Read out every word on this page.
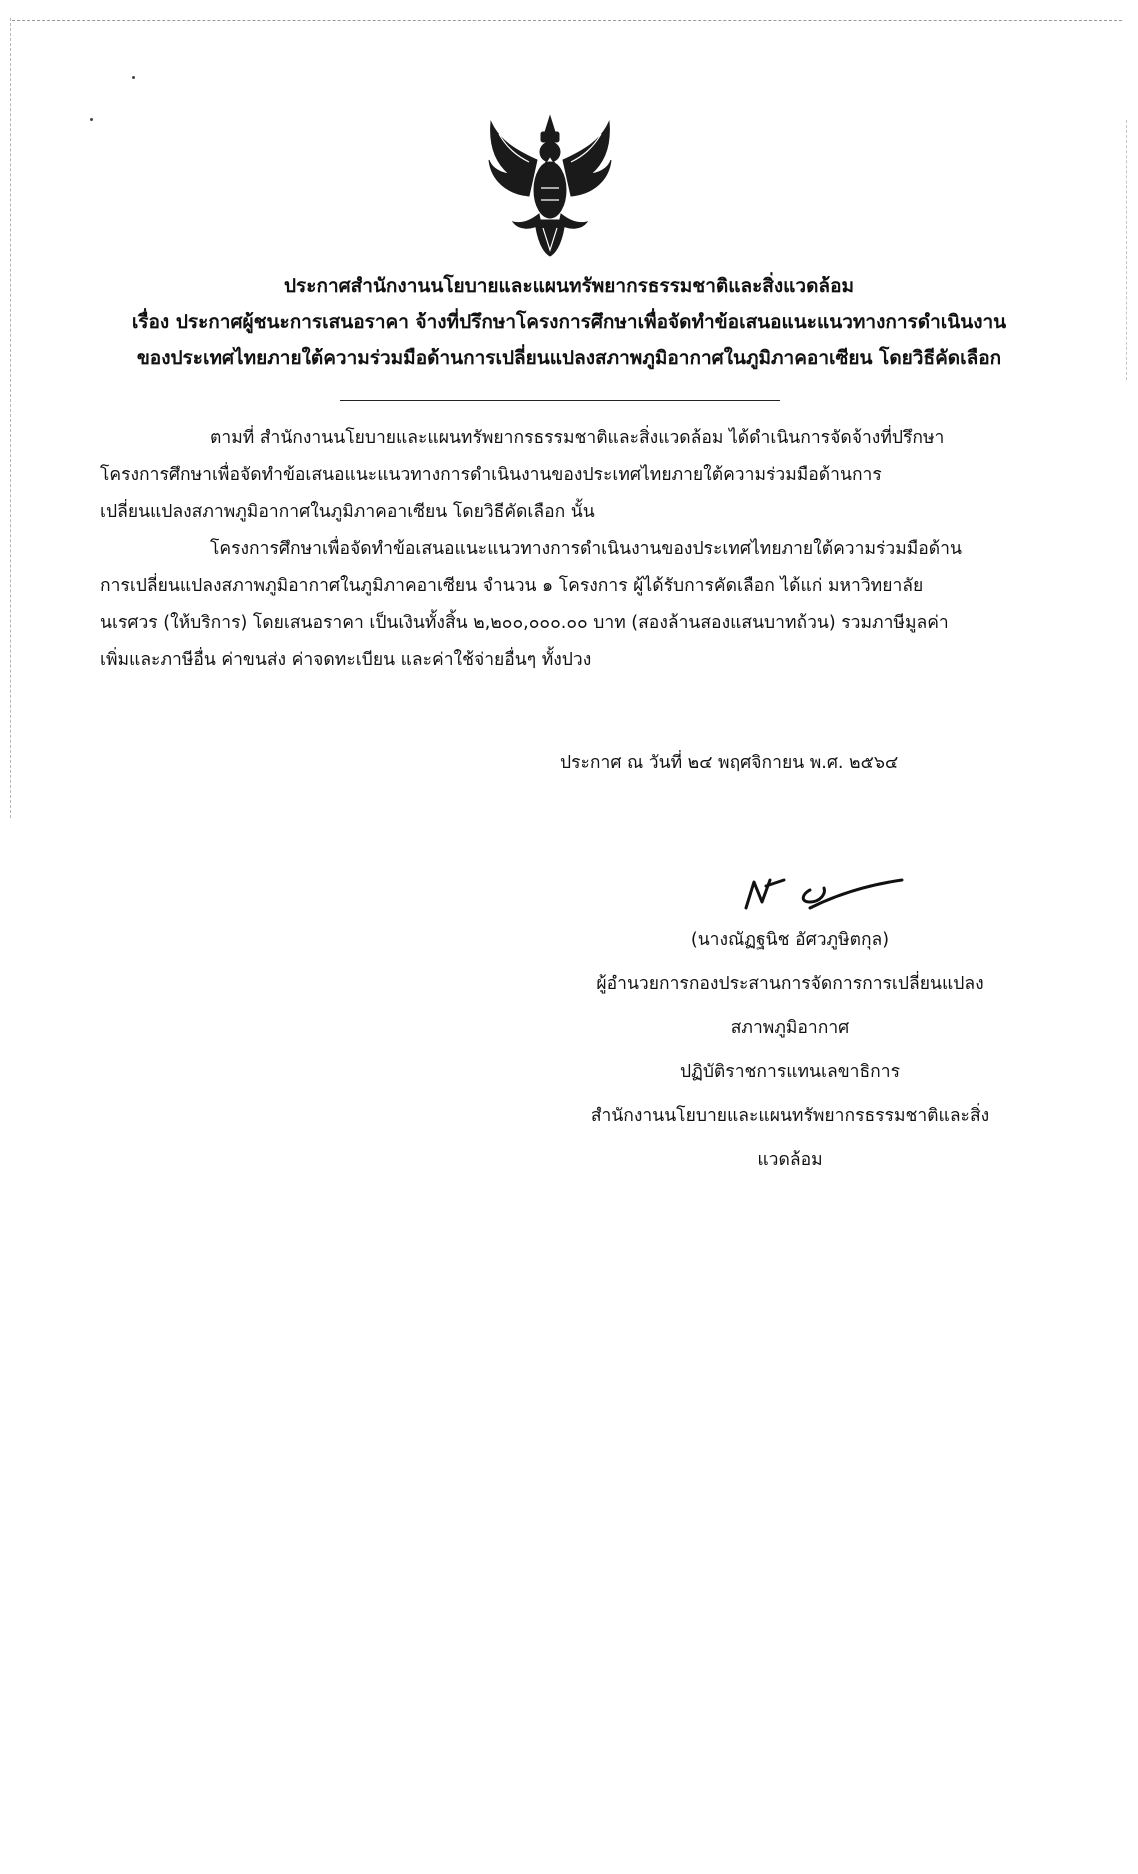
ประกาศสำนักงานนโยบายและแผนทรัพยากรธรรมชาติและสิ่งแวดล้อม
เรื่อง ประกาศผู้ชนะการเสนอราคา จ้างที่ปรึกษาโครงการศึกษาเพื่อจัดทำข้อเสนอแนะแนวทางการดำเนินงาน
ของประเทศไทยภายใต้ความร่วมมือด้านการเปลี่ยนแปลงสภาพภูมิอากาศในภูมิภาคอาเซียน โดยวิธีคัดเลือก
ตามที่ สำนักงานนโยบายและแผนทรัพยากรธรรมชาติและสิ่งแวดล้อม ได้ดำเนินการจัดจ้างที่ปรึกษา
โครงการศึกษาเพื่อจัดทำข้อเสนอแนะแนวทางการดำเนินงานของประเทศไทยภายใต้ความร่วมมือด้านการ
เปลี่ยนแปลงสภาพภูมิอากาศในภูมิภาคอาเซียน โดยวิธีคัดเลือก นั้น
โครงการศึกษาเพื่อจัดทำข้อเสนอแนะแนวทางการดำเนินงานของประเทศไทยภายใต้ความร่วมมือด้าน
การเปลี่ยนแปลงสภาพภูมิอากาศในภูมิภาคอาเซียน จำนวน ๑ โครงการ ผู้ได้รับการคัดเลือก ได้แก่ มหาวิทยาลัย
นเรศวร (ให้บริการ) โดยเสนอราคา เป็นเงินทั้งสิ้น ๒,๒๐๐,๐๐๐.๐๐ บาท (สองล้านสองแสนบาทถ้วน) รวมภาษีมูลค่า
เพิ่มและภาษีอื่น ค่าขนส่ง ค่าจดทะเบียน และค่าใช้จ่ายอื่นๆ ทั้งปวง
ประกาศ ณ วันที่ ๒๔ พฤศจิกายน พ.ศ. ๒๕๖๔
(นางณัฏฐนิช อัศวภูษิตกุล)
ผู้อำนวยการกองประสานการจัดการการเปลี่ยนแปลง
สภาพภูมิอากาศ
ปฏิบัติราชการแทนเลขาธิการ
สำนักงานนโยบายและแผนทรัพยากรธรรมชาติและสิ่ง
แวดล้อม
